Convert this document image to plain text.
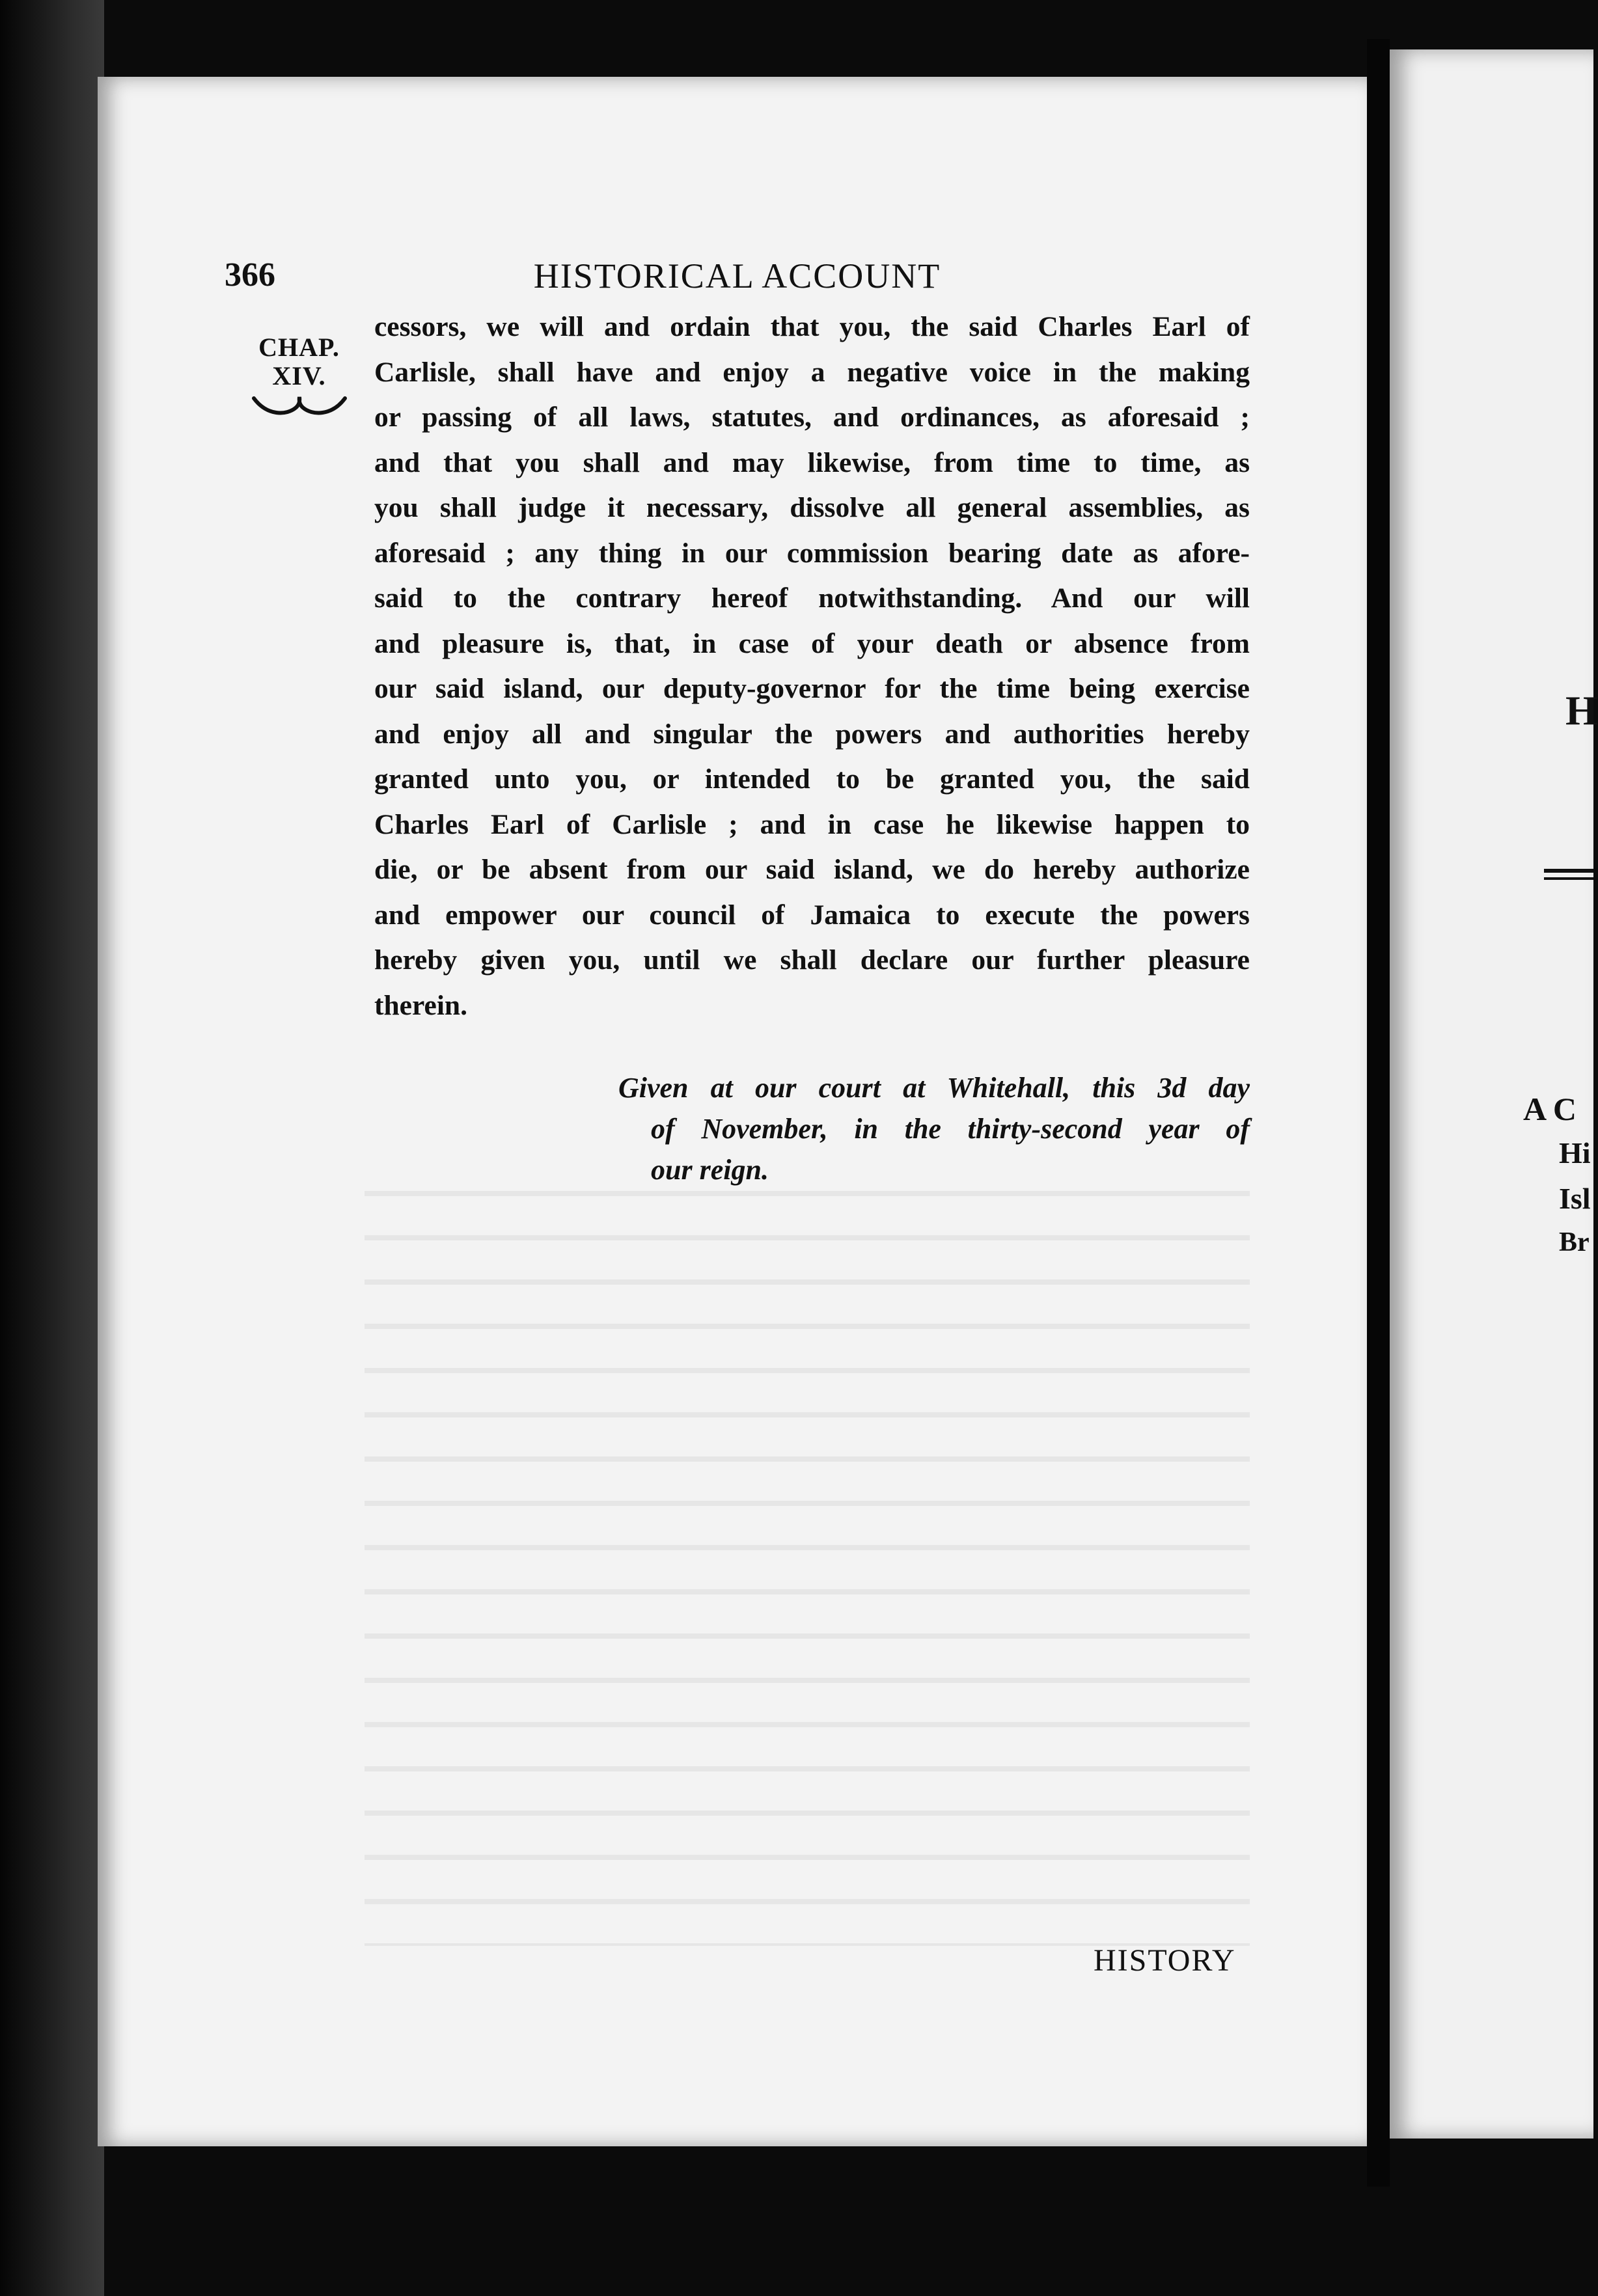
366	HISTORICAL ACCOUNT
CHAP.
XIV.
cessors, we will and ordain that you, the said Charles Earl of
Carlisle, shall have and enjoy a negative voice in the making
or passing of all laws, statutes, and ordinances, as aforesaid ;
and that you shall and may likewise, from time to time, as
you shall judge it necessary, dissolve all general assemblies, as
aforesaid ; any thing in our commission bearing date as afore-
said to the contrary hereof notwithstanding. And our will
and pleasure is, that, in case of your death or absence from
our said island, our deputy-governor for the time being exercise
and enjoy all and singular the powers and authorities hereby
granted unto you, or intended to be granted you, the said
Charles Earl of Carlisle ; and in case he likewise happen to
die, or be absent from our said island, we do hereby authorize
and empower our council of Jamaica to execute the powers
hereby given you, until we shall declare our further pleasure
therein.
Given at our court at Whitehall, this 3d day
of November, in the thirty-second year of
our reign.
HISTORY
H
A C
Hi
Isl
Br
